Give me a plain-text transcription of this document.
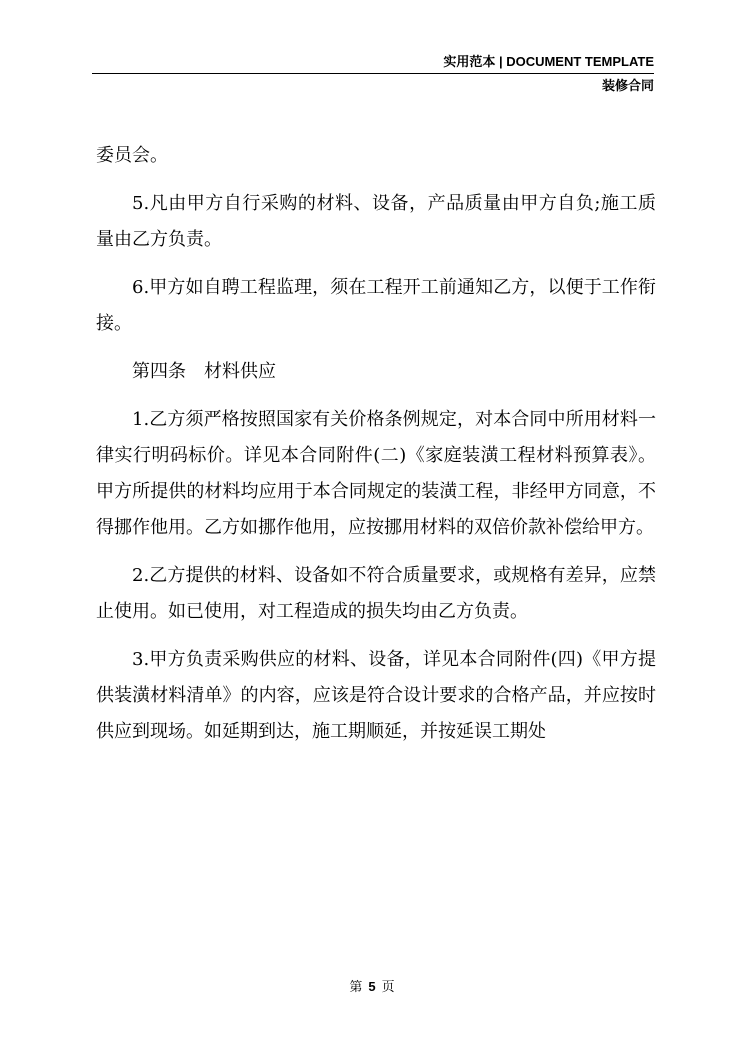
实用范本 | DOCUMENT TEMPLATE
装修合同

委员会。

5.凡由甲方自行采购的材料、设备，产品质量由甲方自负;施工质量由乙方负责。

6.甲方如自聘工程监理，须在工程开工前通知乙方，以便于工作衔接。

第四条　材料供应

1.乙方须严格按照国家有关价格条例规定，对本合同中所用材料一律实行明码标价。详见本合同附件(二)《家庭装潢工程材料预算表》。甲方所提供的材料均应用于本合同规定的装潢工程，非经甲方同意，不得挪作他用。乙方如挪作他用，应按挪用材料的双倍价款补偿给甲方。

2.乙方提供的材料、设备如不符合质量要求，或规格有差异，应禁止使用。如已使用，对工程造成的损失均由乙方负责。

3.甲方负责采购供应的材料、设备，详见本合同附件(四)《甲方提供装潢材料清单》的内容，应该是符合设计要求的合格产品，并应按时供应到现场。如延期到达，施工期顺延，并按延误工期处

第 5 页
